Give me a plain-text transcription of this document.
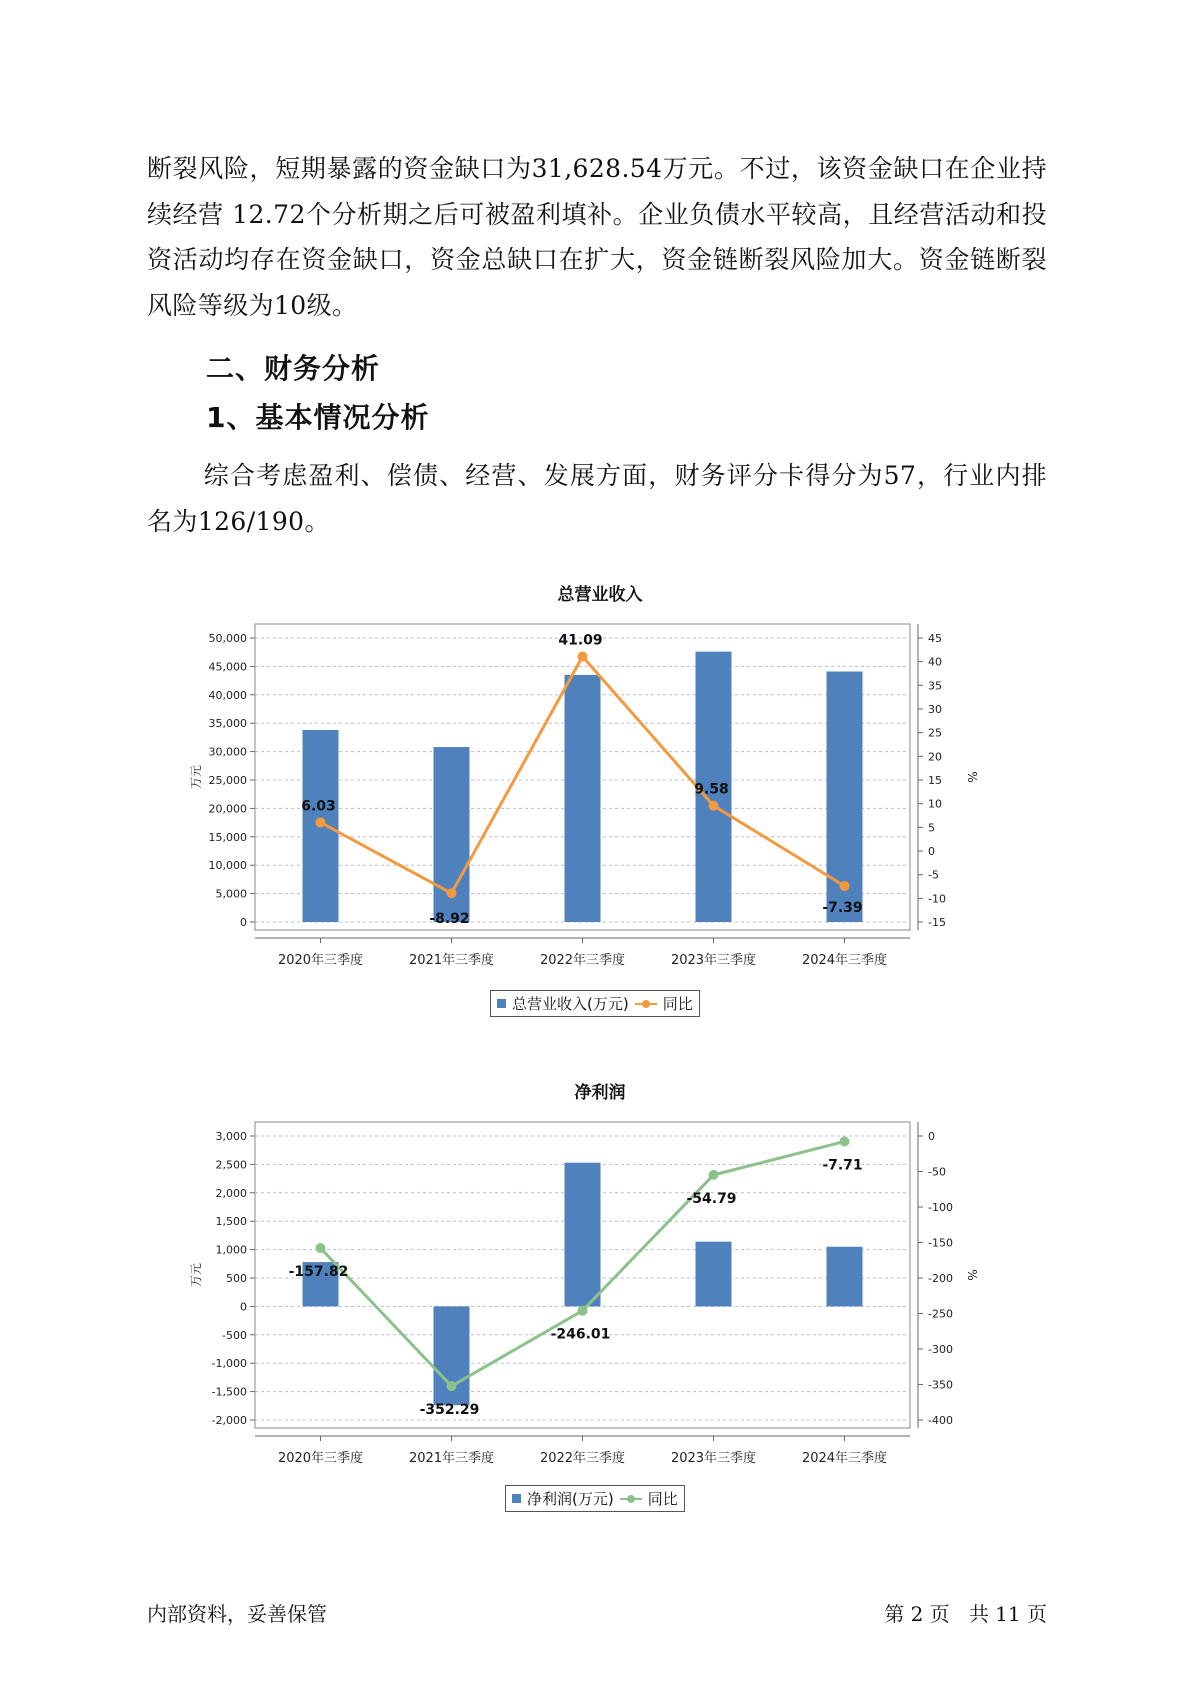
断裂风险，短期暴露的资金缺口为31,628.54万元。不过，该资金缺口在企业持续经营 12.72个分析期之后可被盈利填补。企业负债水平较高，且经营活动和投资活动均存在资金缺口，资金总缺口在扩大，资金链断裂风险加大。资金链断裂风险等级为10级。
二、财务分析
1、基本情况分析
综合考虑盈利、偿债、经营、发展方面，财务评分卡得分为57，行业内排名为126/190。
总营业收入
0
5,000
10,000
15,000
20,000
25,000
30,000
35,000
40,000
45,000
50,000
-15
-10
-5
0
5
10
15
20
25
30
35
40
45
万元	%
2020年三季度	2021年三季度	2022年三季度	2023年三季度	2024年三季度
6.03
-8.92
41.09
9.58
-7.39
总营业收入(万元) 同比
净利润
-2,000
-1,500
-1,000
-500
0
500
1,000
1,500
2,000
2,500
3,000
-400
-350
-300
-250
-200
-150
-100
-50
0
万元	%
2020年三季度	2021年三季度	2022年三季度	2023年三季度	2024年三季度
-157.82
-352.29
-246.01
-54.79
-7.71
净利润(万元) 同比
内部资料，妥善保管	第 2 页   共 11 页
